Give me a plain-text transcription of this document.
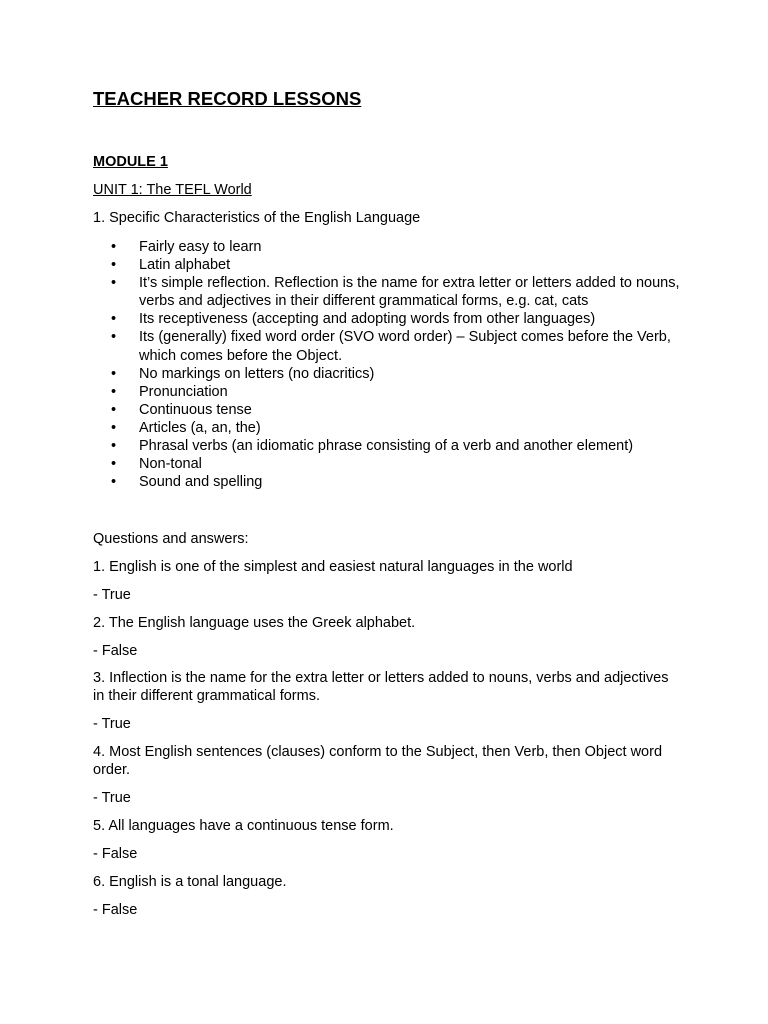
TEACHER RECORD LESSONS
MODULE 1

UNIT 1: The TEFL World

1. Specific Characteristics of the English Language

• Fairly easy to learn
• Latin alphabet
• It’s simple reflection. Reflection is the name for extra letter or letters added to nouns, verbs and adjectives in their different grammatical forms, e.g. cat, cats
• Its receptiveness (accepting and adopting words from other languages)
• Its (generally) fixed word order (SVO word order) – Subject comes before the Verb, which comes before the Object.
• No markings on letters (no diacritics)
• Pronunciation
• Continuous tense
• Articles (a, an, the)
• Phrasal verbs (an idiomatic phrase consisting of a verb and another element)
• Non-tonal
• Sound and spelling

Questions and answers:

1. English is one of the simplest and easiest natural languages in the world

- True

2. The English language uses the Greek alphabet.

- False

3. Inflection is the name for the extra letter or letters added to nouns, verbs and adjectives in their different grammatical forms.

- True

4. Most English sentences (clauses) conform to the Subject, then Verb, then Object word order.

- True

5. All languages have a continuous tense form.

- False

6. English is a tonal language.

- False
